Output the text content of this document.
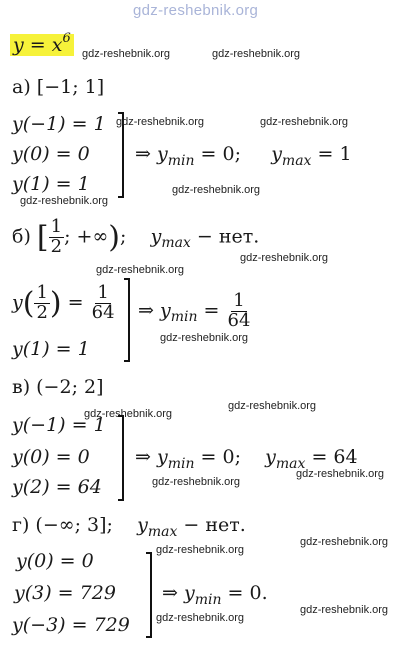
gdz-reshebnik.org
$y = x^6$
gdz-reshebnik.org	gdz-reshebnik.org
а) [−1; 1]
y(−1) = 1
y(0) = 0
y(1) = 1
⇒ $y_{min} = 0$; $y_{max} = 1$
gdz-reshebnik.org	gdz-reshebnik.org
gdz-reshebnik.org
gdz-reshebnik.org
б) [ $\frac{1}{2}$ ; +∞); $y_{max}$ − нет.
gdz-reshebnik.org
gdz-reshebnik.org
$y( \frac{1}{2}$ ) = $\frac{1}{64}$
y(1) = 1
⇒ $y_{min} = \frac{1}{64}$
gdz-reshebnik.org
в) (−2; 2]
gdz-reshebnik.org
gdz-reshebnik.org
y(−1) = 1
y(0) = 0
y(2) = 64
⇒ $y_{min} = 0$; $y_{max} = 64$
gdz-reshebnik.org
gdz-reshebnik.org
г) (−∞; 3]; $y_{max}$ − нет.
gdz-reshebnik.org
gdz-reshebnik.org
y(0) = 0
y(3) = 729
y(−3) = 729
⇒ $y_{min} = 0$.
gdz-reshebnik.org
gdz-reshebnik.org
